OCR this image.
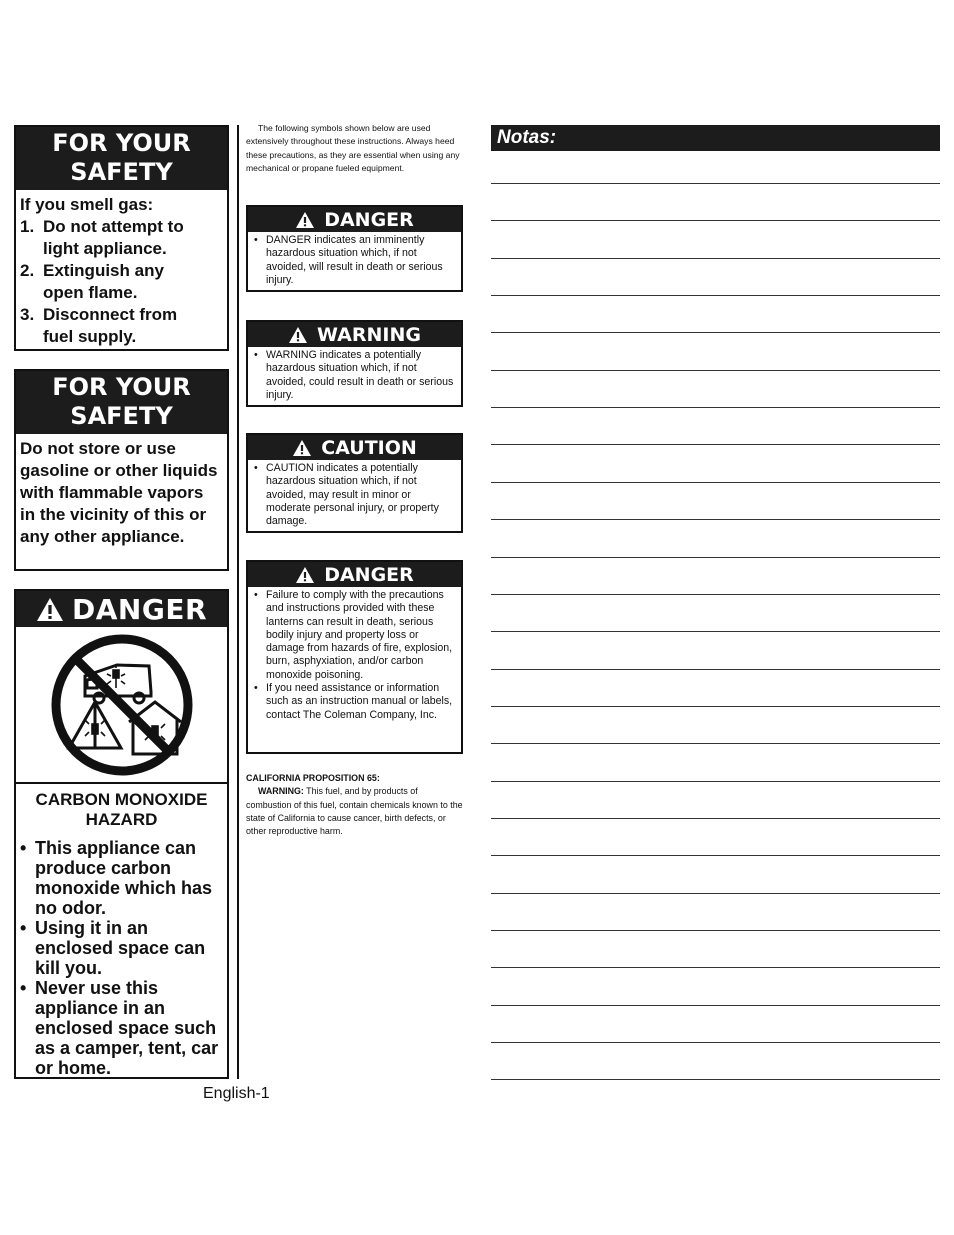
FOR YOUR
SAFETY
If you smell gas:
1. Do not attempt to
light appliance.
2. Extinguish any
open flame.
3. Disconnect from
fuel supply.
FOR YOUR
SAFETY
Do not store or use gasoline or other liquids with flammable vapors in the vicinity of this or any other appliance.
DANGER
CARBON MONOXIDE
HAZARD
• This appliance can produce carbon monoxide which has no odor.
• Using it in an enclosed space can kill you.
• Never use this appliance in an enclosed space such as a camper, tent, car or home.
English-1
The following symbols shown below are used extensively throughout these instructions. Always heed these precautions, as they are essential when using any mechanical or propane fueled equipment.
DANGER
• DANGER indicates an imminently hazardous situation which, if not avoided, will result in death or serious injury.
WARNING
• WARNING indicates a potentially hazardous situation which, if not avoided, could result in death or serious injury.
CAUTION
• CAUTION indicates a potentially hazardous situation which, if not avoided, may result in minor or moderate personal injury, or property damage.
DANGER
• Failure to comply with the precautions and instructions provided with these lanterns can result in death, serious bodily injury and property loss or damage from hazards of fire, explosion, burn, asphyxiation, and/or carbon monoxide poisoning.
• If you need assistance or information such as an instruction manual or labels, contact The Coleman Company, Inc.
CALIFORNIA PROPOSITION 65:
WARNING: This fuel, and by products of combustion of this fuel, contain chemicals known to the state of California to cause cancer, birth defects, or other reproductive harm.
Notas:
